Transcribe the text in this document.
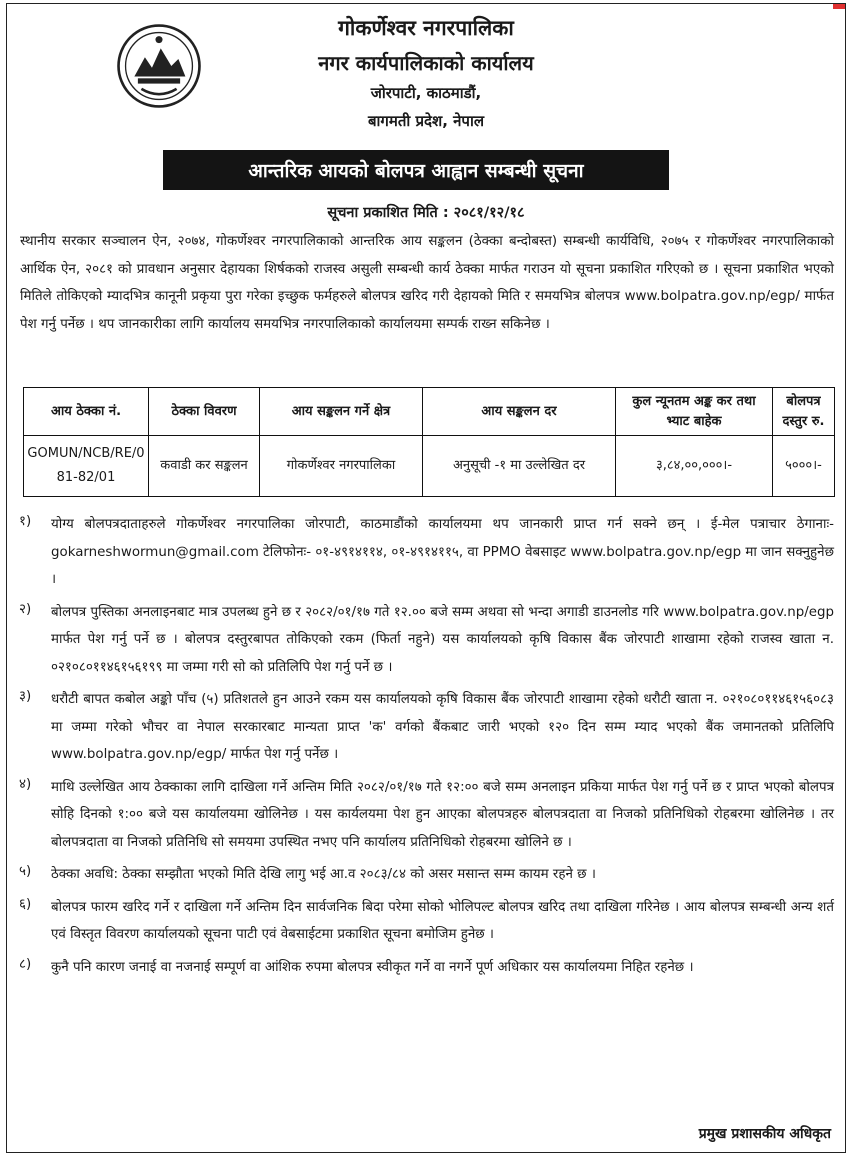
गोकर्णेश्वर नगरपालिका
नगर कार्यपालिकाको कार्यालय
जोरपाटी, काठमाडौं,
बागमती प्रदेश, नेपाल
आन्तरिक आयको बोलपत्र आह्वान सम्बन्धी सूचना
सूचना प्रकाशित मिति : २०८१/१२/१८
स्थानीय सरकार सञ्चालन ऐन, २०७४, गोकर्णेश्वर नगरपालिकाको आन्तरिक आय सङ्कलन (ठेक्का बन्दोबस्त) सम्बन्धी कार्यविधि, २०७५ र गोकर्णेश्वर नगरपालिकाको आर्थिक ऐन, २०८१ को प्रावधान अनुसार देहायका शिर्षकको राजस्व असुली सम्बन्धी कार्य ठेक्का मार्फत गराउन यो सूचना प्रकाशित गरिएको छ । सूचना प्रकाशित भएको मितिले तोकिएको म्यादभित्र कानूनी प्रकृया पुरा गरेका इच्छुक फर्महरुले बोलपत्र खरिद गरी देहायको मिति र समयभित्र बोलपत्र www.bolpatra.gov.np/egp/ मार्फत पेश गर्नु पर्नेछ । थप जानकारीका लागि कार्यालय समयभित्र नगरपालिकाको कार्यालयमा सम्पर्क राख्न सकिनेछ ।
आय ठेक्का नं.	ठेक्का विवरण	आय सङ्कलन गर्ने क्षेत्र	आय सङ्कलन दर	कुल न्यूनतम अङ्क कर तथा भ्याट बाहेक	बोलपत्र दस्तुर रु.
GOMUN/NCB/RE/081-82/01	कवाडी कर सङ्कलन	गोकर्णेश्वर नगरपालिका	अनुसूची -१ मा उल्लेखित दर	३,८४,००,०००।-	५०००।-
१)	योग्य बोलपत्रदाताहरुले गोकर्णेश्वर नगरपालिका जोरपाटी, काठमाडौंको कार्यालयमा थप जानकारी प्राप्त गर्न सक्ने छन् । ई-मेल पत्राचार ठेगानाः- gokarneshwormun@gmail.com टेलिफोनः- ०१-४९१४११४, ०१-४९१४११५, वा PPMO वेबसाइट www.bolpatra.gov.np/egp मा जान सक्नुहुनेछ ।
२)	बोलपत्र पुस्तिका अनलाइनबाट मात्र उपलब्ध हुने छ र २०८२/०१/१७ गते १२.०० बजे सम्म अथवा सो भन्दा अगाडी डाउनलोड गरि www.bolpatra.gov.np/egp मार्फत पेश गर्नु पर्ने छ । बोलपत्र दस्तुरबापत तोकिएको रकम (फिर्ता नहुने) यस कार्यालयको कृषि विकास बैंक जोरपाटी शाखामा रहेको राजस्व खाता न. ०२१०८०११४६१५६१९९ मा जम्मा गरी सो को प्रतिलिपि पेश गर्नु पर्ने छ ।
३)	धरौटी बापत कबोल अङ्को पाँच (५) प्रतिशतले हुन आउने रकम यस कार्यालयको कृषि विकास बैंक जोरपाटी शाखामा रहेको धरौटी खाता न. ०२१०८०११४६१५६०८३ मा जम्मा गरेको भौचर वा नेपाल सरकारबाट मान्यता प्राप्त 'क' वर्गको बैंकबाट जारी भएको १२० दिन सम्म म्याद भएको बैंक जमानतको प्रतिलिपि www.bolpatra.gov.np/egp/ मार्फत पेश गर्नु पर्नेछ ।
४)	माथि उल्लेखित आय ठेक्काका लागि दाखिला गर्ने अन्तिम मिति २०८२/०१/१७ गते १२:०० बजे सम्म अनलाइन प्रकिया मार्फत पेश गर्नु पर्ने छ र प्राप्त भएको बोलपत्र सोहि दिनको १:०० बजे यस कार्यालयमा खोलिनेछ । यस कार्यलयमा पेश हुन आएका बोलपत्रहरु बोलपत्रदाता वा निजको प्रतिनिधिको रोहबरमा खोलिनेछ । तर बोलपत्रदाता वा निजको प्रतिनिधि सो समयमा उपस्थित नभए पनि कार्यालय प्रतिनिधिको रोहबरमा खोलिने छ ।
५)	ठेक्का अवधि: ठेक्का सम्झौता भएको मिति देखि लागु भई आ.व २०८३/८४ को असर मसान्त सम्म कायम रहने छ ।
६)	बोलपत्र फारम खरिद गर्ने र दाखिला गर्ने अन्तिम दिन सार्वजनिक बिदा परेमा सोको भोलिपल्ट बोलपत्र खरिद तथा दाखिला गरिनेछ । आय बोलपत्र सम्बन्धी अन्य शर्त एवं विस्तृत विवरण कार्यालयको सूचना पाटी एवं वेबसाईटमा प्रकाशित सूचना बमोजिम हुनेछ ।
८)	कुनै पनि कारण जनाई वा नजनाई सम्पूर्ण वा आंशिक रुपमा बोलपत्र स्वीकृत गर्ने वा नगर्ने पूर्ण अधिकार यस कार्यालयमा निहित रहनेछ ।
प्रमुख प्रशासकीय अधिकृत
